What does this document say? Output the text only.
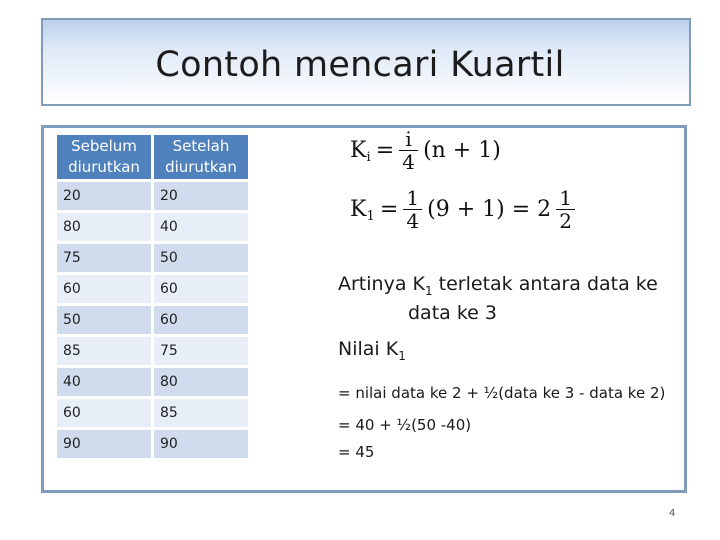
Contoh mencari Kuartil
Sebelum diurutkan	Setelah diurutkan
20	20
80	40
75	50
60	60
50	60
85	75
40	80
60	85
90	90
$K_i = \frac{i}{4} (n + 1)$
$K_1 = \frac{1}{4} (9 + 1) = 2 \frac{1}{2}$
Artinya $K_1$ terletak antara data ke
data ke 3
Nilai $K_1$
= nilai data ke 2 + ½(data ke 3 - data ke 2)
= 40 + ½(50 -40)
= 45
4
